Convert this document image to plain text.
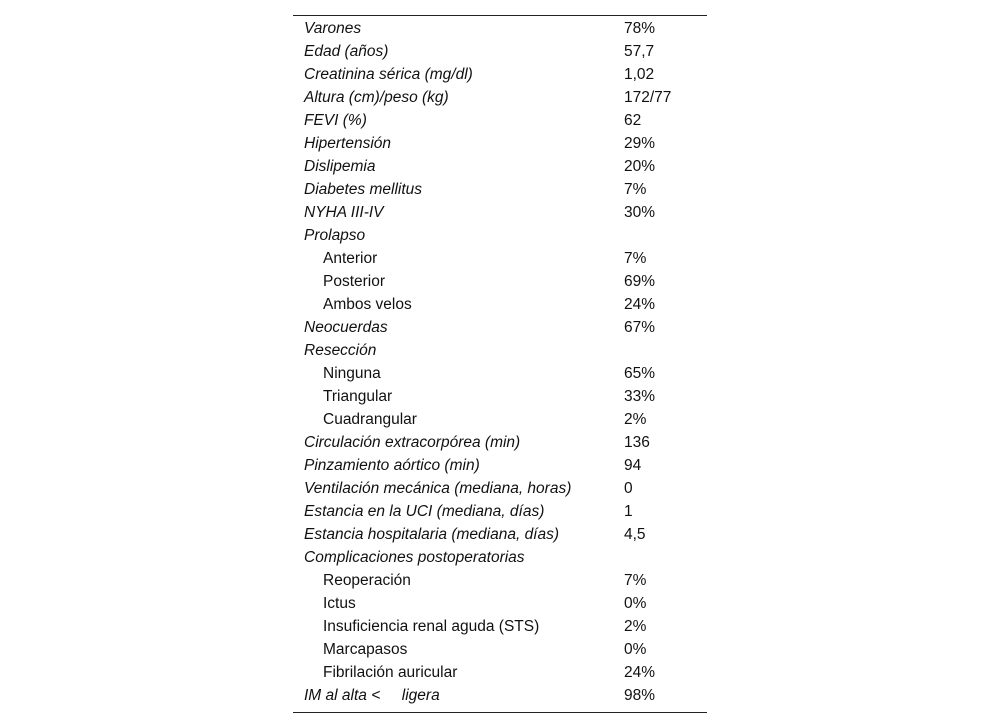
Varones	78%
Edad (años)	57,7
Creatinina sérica (mg/dl)	1,02
Altura (cm)/peso (kg)	172/77
FEVI (%)	62
Hipertensión	29%
Dislipemia	20%
Diabetes mellitus	7%
NYHA III-IV	30%
Prolapso
Anterior	7%
Posterior	69%
Ambos velos	24%
Neocuerdas	67%
Resección
Ninguna	65%
Triangular	33%
Cuadrangular	2%
Circulación extracorpórea (min)	136
Pinzamiento aórtico (min)	94
Ventilación mecánica (mediana, horas)	0
Estancia en la UCI (mediana, días)	1
Estancia hospitalaria (mediana, días)	4,5
Complicaciones postoperatorias
Reoperación	7%
Ictus	0%
Insuficiencia renal aguda (STS)	2%
Marcapasos	0%
Fibrilación auricular	24%
IM al alta <     ligera	98%
